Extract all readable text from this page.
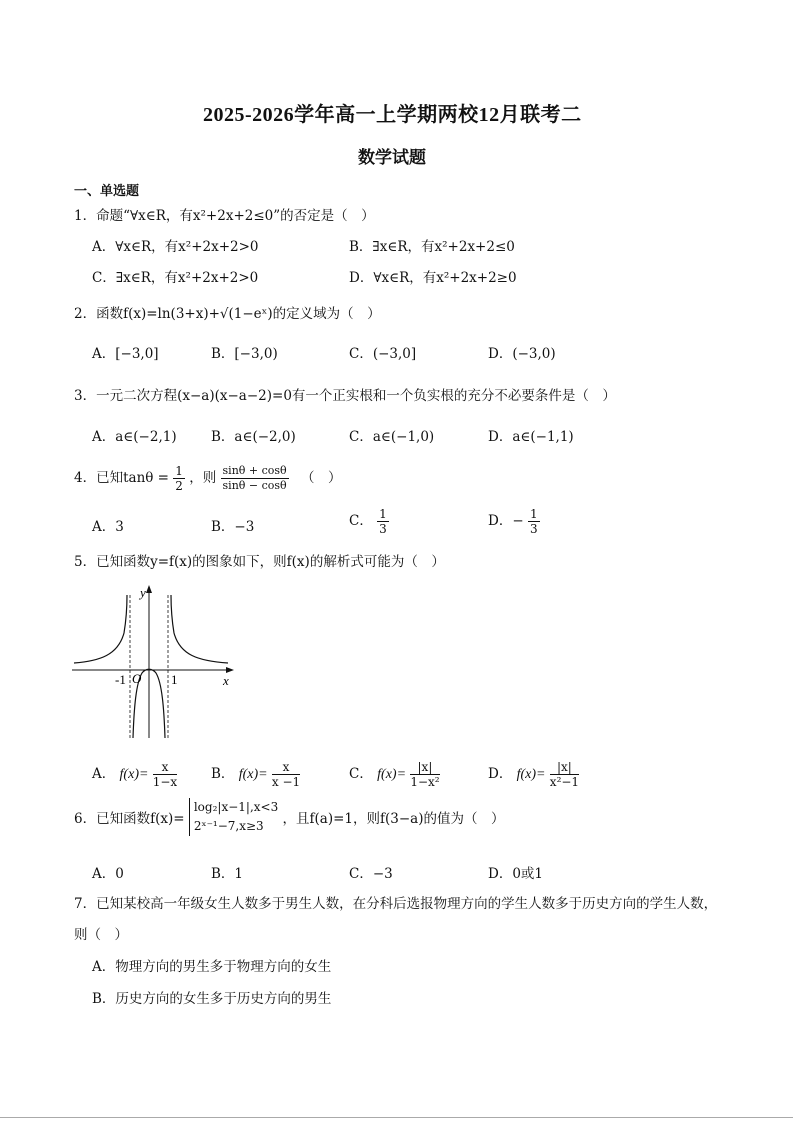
2025-2026学年高一上学期两校12月联考二
数学试题
一、单选题
1．命题“∀x∈R，有x²+2x+2≤0”的否定是（　）
A．∀x∈R，有x²+2x+2>0	B．∃x∈R，有x²+2x+2≤0
C．∃x∈R，有x²+2x+2>0	D．∀x∈R，有x²+2x+2≥0
2．函数f(x)=ln(3+x)+√(1−eˣ)的定义域为（　）
A．[−3,0]	B．[−3,0)	C．(−3,0]	D．(−3,0)
3．一元二次方程(x−a)(x−a−2)=0有一个正实根和一个负实根的充分不必要条件是（　）
A．a∈(−2,1)	B．a∈(−2,0)	C．a∈(−1,0)	D．a∈(−1,1)
4．已知$\tan\theta = \frac{1}{2}$ ，则 $\frac{\sin\theta + \cos\theta}{\sin\theta - \cos\theta}$ （　）
A．3	B．−3	C． $\frac{1}{3}$	D．− $\frac{1}{3}$
5．已知函数y=f(x)的图象如下，则f(x)的解析式可能为（　）
y
x
O
-1	1
A． $f(x)= \frac{x}{1-x}$	B． $f(x)= \frac{x}{x -1}$	C． $f(x)= \frac{|x|}{\text{1−x²}}$	D． $f(x)= \frac{|x|}{\text{x²−1}}$
6．已知函数f(x)=
log₂|x−1|,x<3
2ˣ⁻¹−7,x≥3	，且f(a)=1，则f(3−a)的值为（　）
A．0	B．1	C．−3	D．0或1
7．已知某校高一年级女生人数多于男生人数，在分科后选报物理方向的学生人数多于历史方向的学生人数，
则（　）
A．物理方向的男生多于物理方向的女生
B．历史方向的女生多于历史方向的男生
